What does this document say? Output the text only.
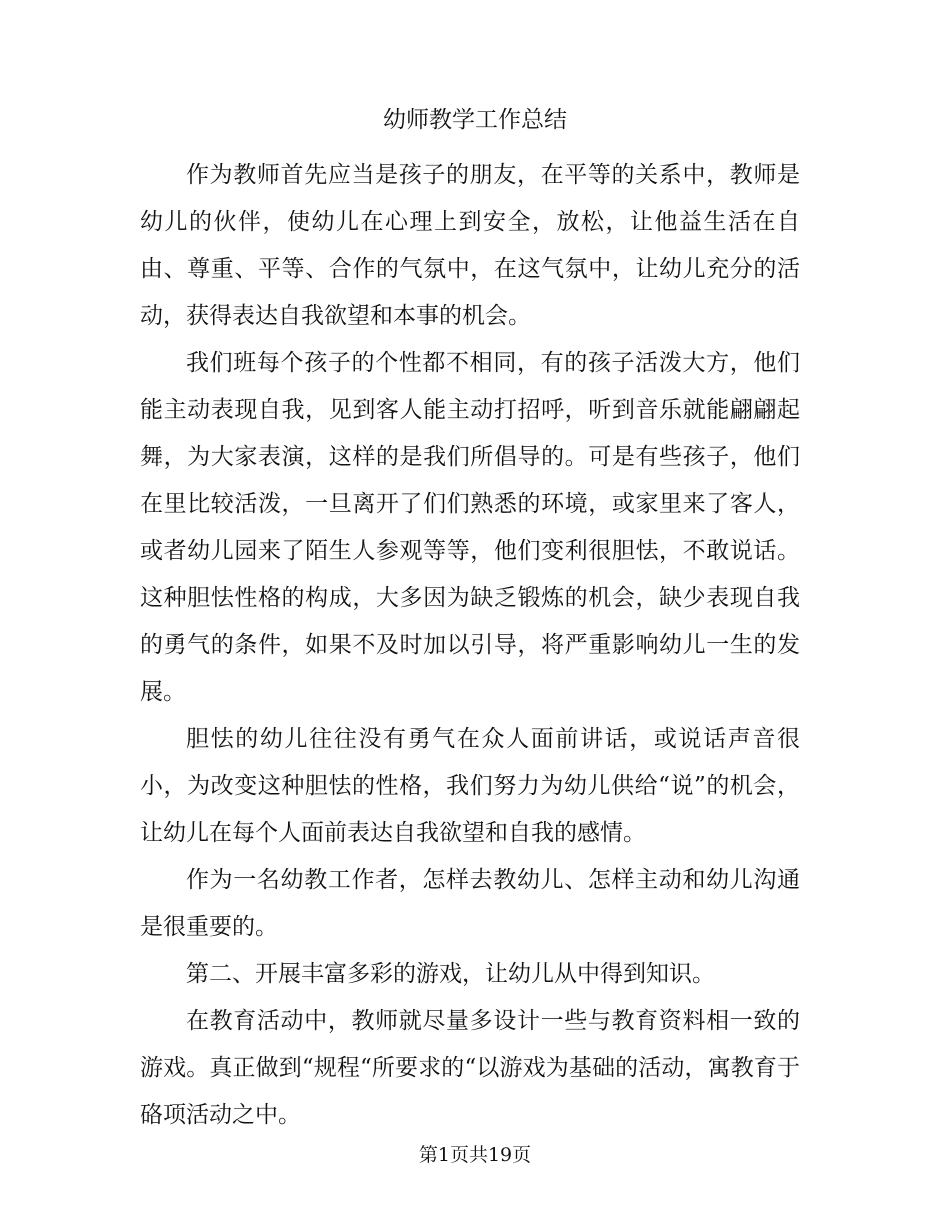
幼师教学工作总结

作为教师首先应当是孩子的朋友，在平等的关系中，教师是幼儿的伙伴，使幼儿在心理上到安全，放松，让他益生活在自由、尊重、平等、合作的气氛中，在这气氛中，让幼儿充分的活动，获得表达自我欲望和本事的机会。

我们班每个孩子的个性都不相同，有的孩子活泼大方，他们能主动表现自我，见到客人能主动打招呼，听到音乐就能翩翩起舞，为大家表演，这样的是我们所倡导的。可是有些孩子，他们在里比较活泼，一旦离开了们们熟悉的环境，或家里来了客人，或者幼儿园来了陌生人参观等等，他们变利很胆怯，不敢说话。这种胆怯性格的构成，大多因为缺乏锻炼的机会，缺少表现自我的勇气的条件，如果不及时加以引导，将严重影响幼儿一生的发展。

胆怯的幼儿往往没有勇气在众人面前讲话，或说话声音很小，为改变这种胆怯的性格，我们努力为幼儿供给“说”的机会，让幼儿在每个人面前表达自我欲望和自我的感情。

作为一名幼教工作者，怎样去教幼儿、怎样主动和幼儿沟通是很重要的。

第二、开展丰富多彩的游戏，让幼儿从中得到知识。

在教育活动中，教师就尽量多设计一些与教育资料相一致的游戏。真正做到“规程“所要求的“以游戏为基础的活动，寓教育于硌项活动之中。

第1页共19页
